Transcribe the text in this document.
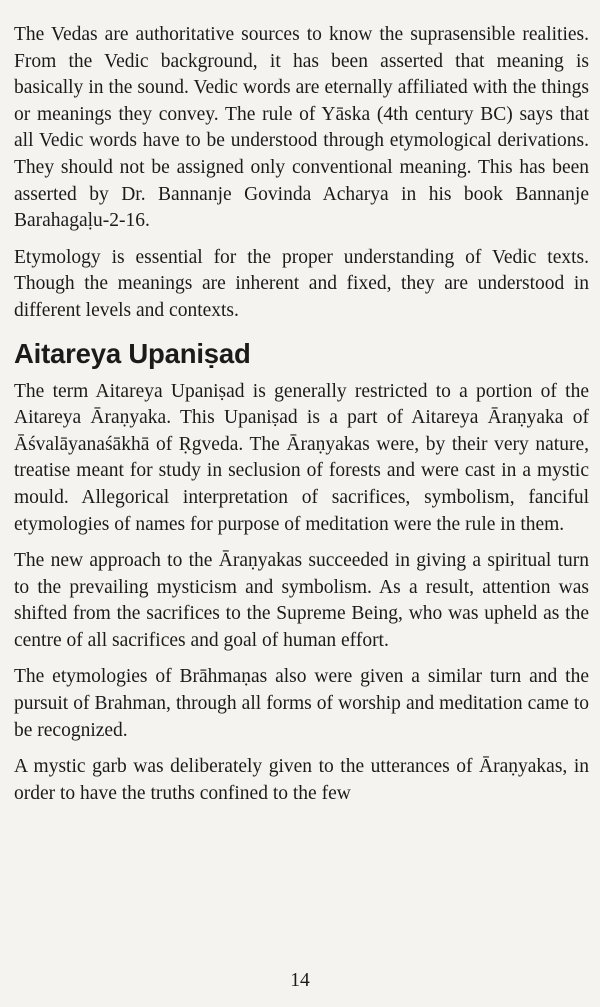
The Vedas are authoritative sources to know the suprasensible realities. From the Vedic background, it has been asserted that meaning is basically in the sound. Vedic words are eternally affiliated with the things or meanings they convey. The rule of Yāska (4th century BC) says that all Vedic words have to be understood through etymological derivations. They should not be assigned only conventional meaning. This has been asserted by Dr. Bannanje Govinda Acharya in his book Bannanje Barahagaḷu-2-16.

Etymology is essential for the proper understanding of Vedic texts. Though the meanings are inherent and fixed, they are understood in different levels and contexts.

Aitareya Upaniṣad

The term Aitareya Upaniṣad is generally restricted to a portion of the Aitareya Āraṇyaka. This Upaniṣad is a part of Aitareya Āraṇyaka of Āśvalāyanaśākhā of Ṛgveda. The Āraṇyakas were, by their very nature, treatise meant for study in seclusion of forests and were cast in a mystic mould. Allegorical interpretation of sacrifices, symbolism, fanciful etymologies of names for purpose of meditation were the rule in them.

The new approach to the Āraṇyakas succeeded in giving a spiritual turn to the prevailing mysticism and symbolism. As a result, attention was shifted from the sacrifices to the Supreme Being, who was upheld as the centre of all sacrifices and goal of human effort.

The etymologies of Brāhmaṇas also were given a similar turn and the pursuit of Brahman, through all forms of worship and meditation came to be recognized.

A mystic garb was deliberately given to the utterances of Āraṇyakas, in order to have the truths confined to the few

14
